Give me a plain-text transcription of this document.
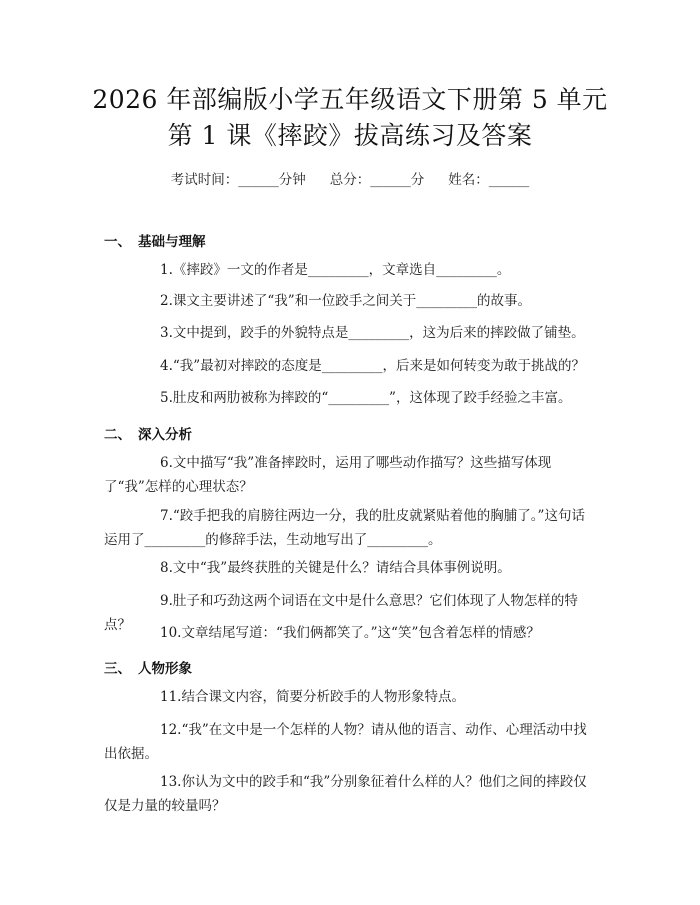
2026 年部编版小学五年级语文下册第 5 单元
第 1 课《摔跤》拔高练习及答案
考试时间：______分钟 总分：______分 姓名：______
一、 基础与理解
1.《摔跤》一文的作者是_________，文章选自_________。
2.课文主要讲述了“我”和一位跤手之间关于_________的故事。
3.文中提到，跤手的外貌特点是_________，这为后来的摔跤做了铺垫。
4.“我”最初对摔跤的态度是_________，后来是如何转变为敢于挑战的？
5.肚皮和两肋被称为摔跤的“_________”，这体现了跤手经验之丰富。
二、 深入分析
6.文中描写“我”准备摔跤时，运用了哪些动作描写？这些描写体现了“我”怎样的心理状态？
7.“跤手把我的肩膀往两边一分，我的肚皮就紧贴着他的胸脯了。”这句话运用了_________的修辞手法，生动地写出了_________。
8.文中“我”最终获胜的关键是什么？请结合具体事例说明。
9.肚子和巧劲这两个词语在文中是什么意思？它们体现了人物怎样的特点？	10.文章结尾写道：“我们俩都笑了。”这“笑”包含着怎样的情感？
三、 人物形象
11.结合课文内容，简要分析跤手的人物形象特点。
12.“我”在文中是一个怎样的人物？请从他的语言、动作、心理活动中找出依据。
13.你认为文中的跤手和“我”分别象征着什么样的人？他们之间的摔跤仅仅是力量的较量吗？
